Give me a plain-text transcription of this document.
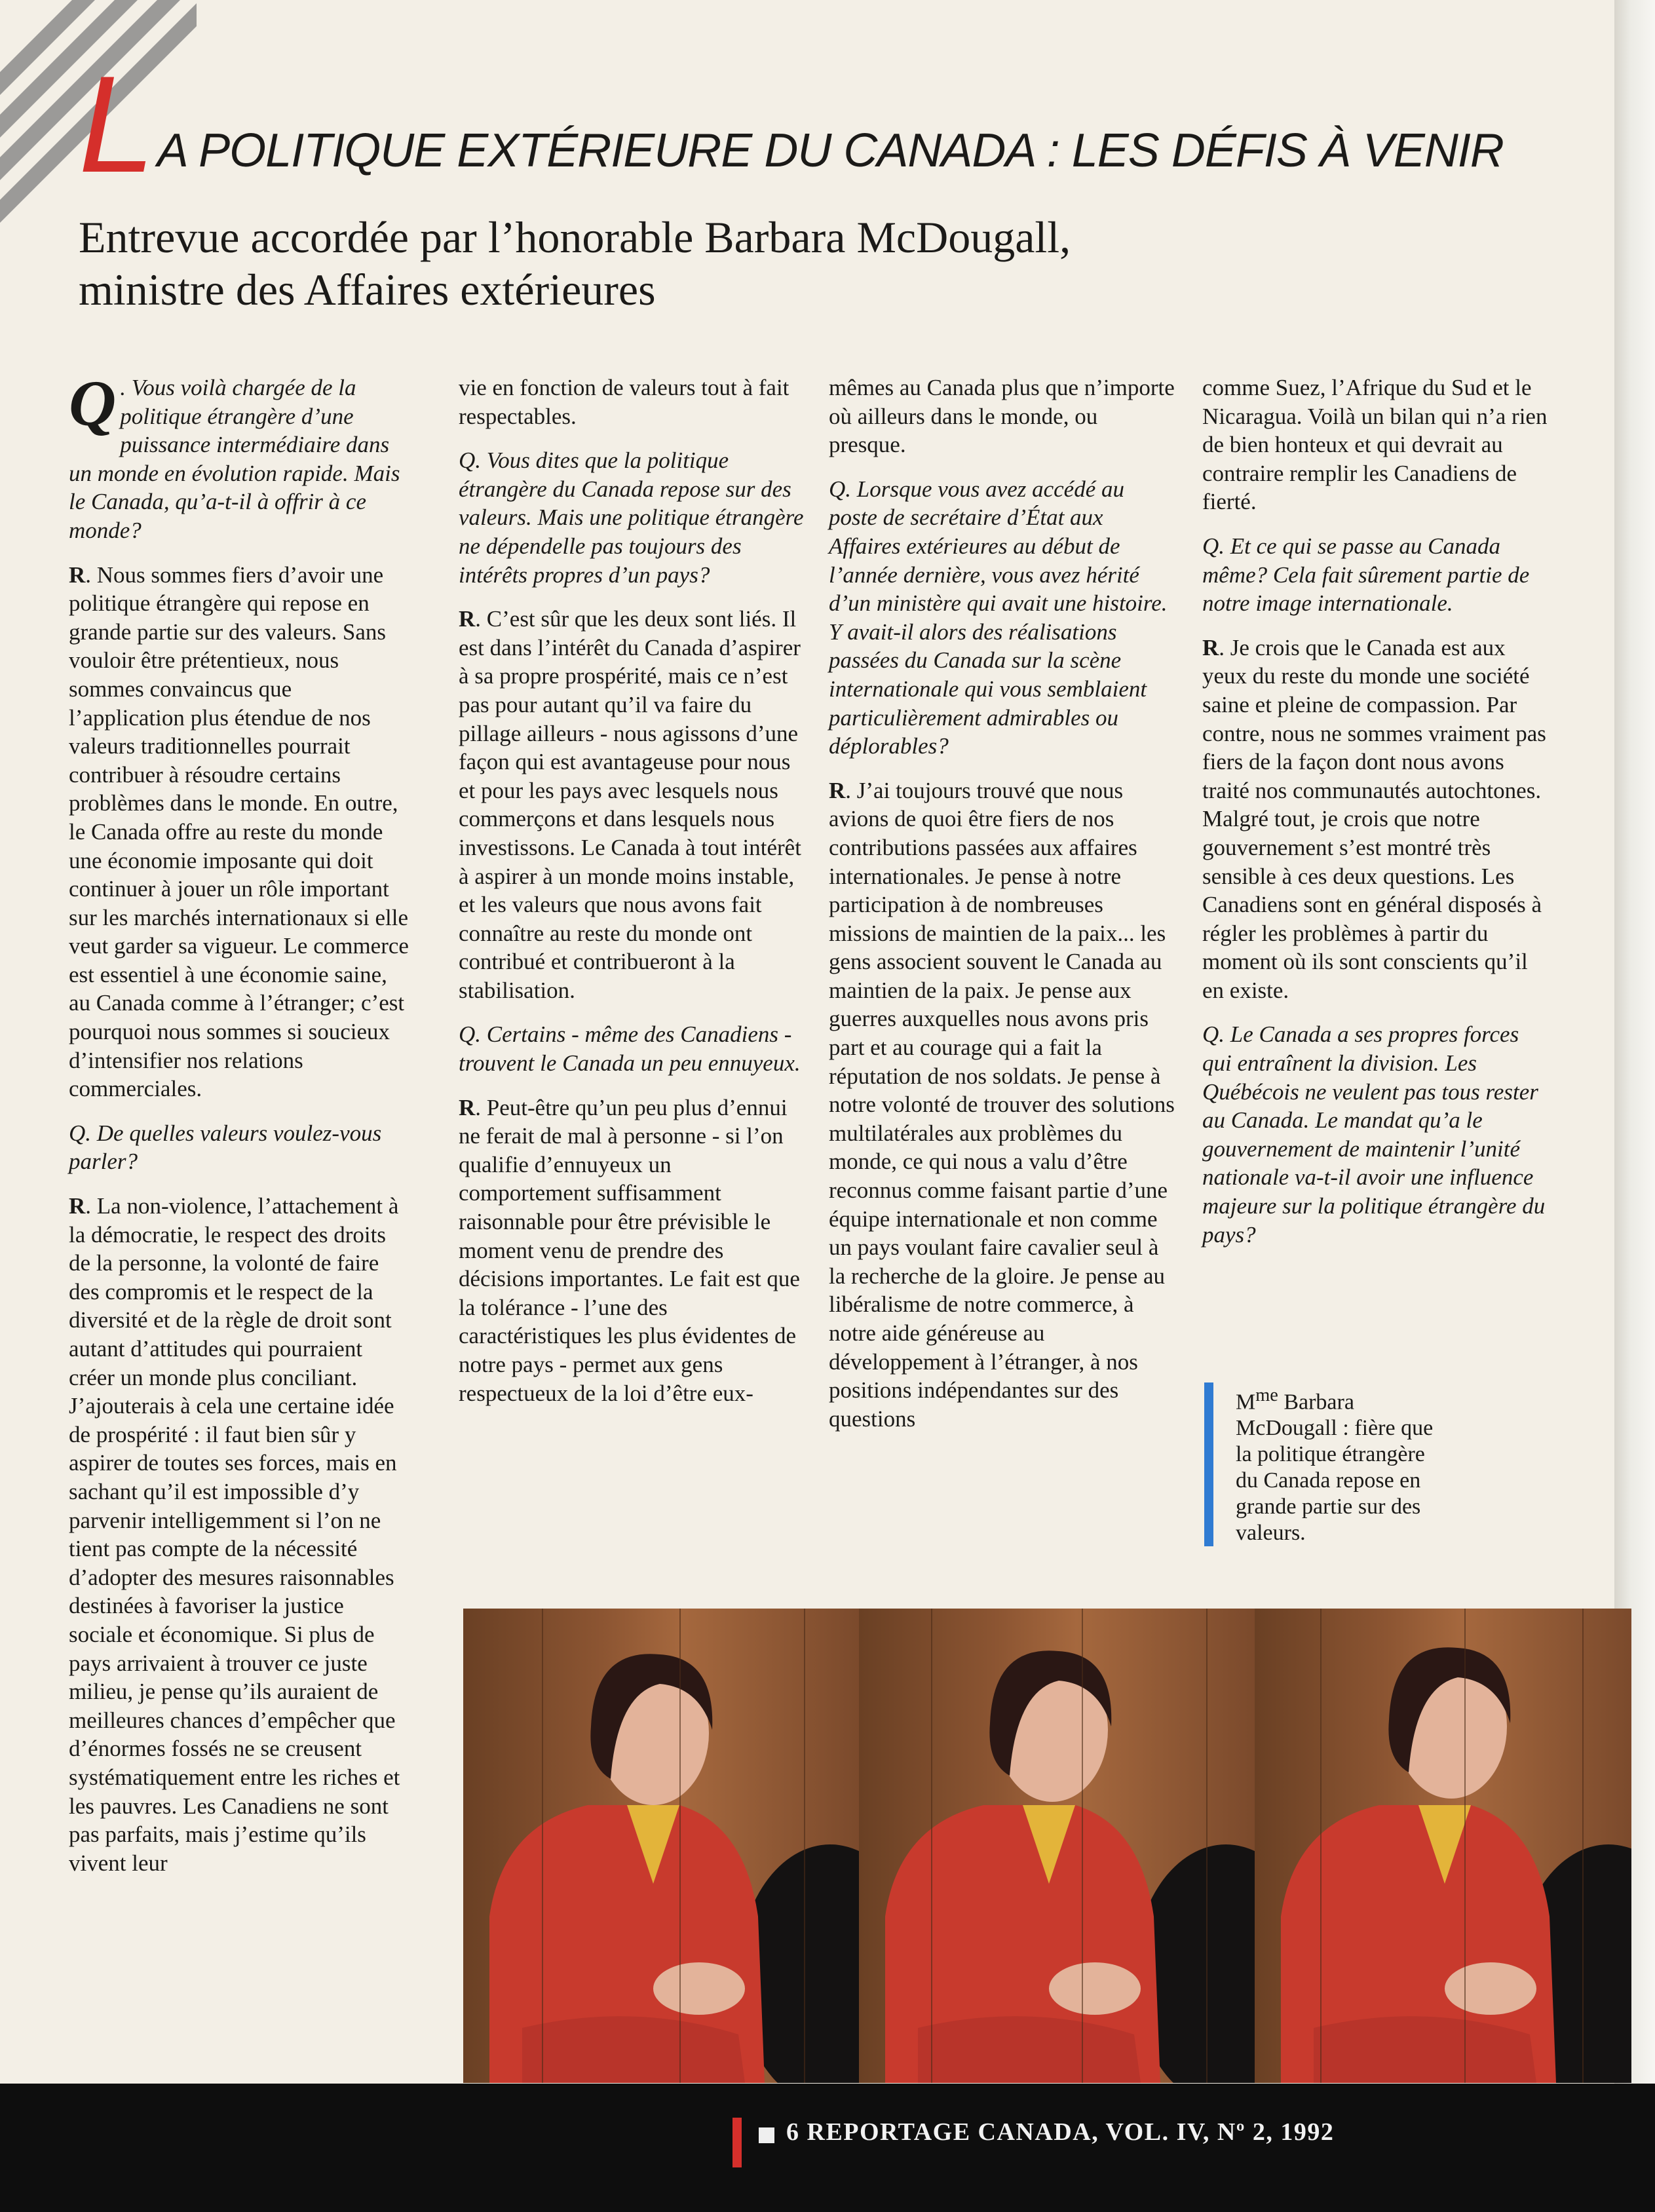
LA POLITIQUE EXTÉRIEURE DU CANADA : LES DÉFIS À VENIR
Entrevue accordée par l’honorable Barbara McDougall,
ministre des Affaires extérieures

Q . Vous voilà chargée de la politique étrangère d’une puissance intermédiaire dans un monde en évolution rapide. Mais le Canada, qu’a-t-il à offrir à ce monde?

R. Nous sommes fiers d’avoir une politique étrangère qui repose en grande partie sur des valeurs. Sans vouloir être prétentieux, nous sommes convaincus que l’application plus étendue de nos valeurs traditionnelles pourrait contribuer à résoudre certains problèmes dans le monde. En outre, le Canada offre au reste du monde une économie imposante qui doit continuer à jouer un rôle important sur les marchés internationaux si elle veut garder sa vigueur. Le commerce est essentiel à une économie saine, au Canada comme à l’étranger; c’est pourquoi nous sommes si soucieux d’intensifier nos relations commerciales.

Q. De quelles valeurs voulez-vous parler?

R. La non-violence, l’attachement à la démocratie, le respect des droits de la personne, la volonté de faire des compromis et le respect de la diversité et de la règle de droit sont autant d’attitudes qui pourraient créer un monde plus conciliant. J’ajouterais à cela une certaine idée de prospérité : il faut bien sûr y aspirer de toutes ses forces, mais en sachant qu’il est impossible d’y parvenir intelligemment si l’on ne tient pas compte de la nécessité d’adopter des mesures raisonnables destinées à favoriser la justice sociale et économique. Si plus de pays arrivaient à trouver ce juste milieu, je pense qu’ils auraient de meilleures chances d’empêcher que d’énormes fossés ne se creusent systématiquement entre les riches et les pauvres. Les Canadiens ne sont pas parfaits, mais j’estime qu’ils vivent leur

vie en fonction de valeurs tout à fait respectables.

Q. Vous dites que la politique étrangère du Canada repose sur des valeurs. Mais une politique étrangère ne dépendelle pas toujours des intérêts propres d’un pays?

R. C’est sûr que les deux sont liés. Il est dans l’intérêt du Canada d’aspirer à sa propre prospérité, mais ce n’est pas pour autant qu’il va faire du pillage ailleurs - nous agissons d’une façon qui est avantageuse pour nous et pour les pays avec lesquels nous commerçons et dans lesquels nous investissons. Le Canada à tout intérêt à aspirer à un monde moins instable, et les valeurs que nous avons fait connaître au reste du monde ont contribué et contribueront à la stabilisation.

Q. Certains - même des Canadiens - trouvent le Canada un peu ennuyeux.

R. Peut-être qu’un peu plus d’ennui ne ferait de mal à personne - si l’on qualifie d’ennuyeux un comportement suffisamment raisonnable pour être prévisible le moment venu de prendre des décisions importantes. Le fait est que la tolérance - l’une des caractéristiques les plus évidentes de notre pays - permet aux gens respectueux de la loi d’être eux-

mêmes au Canada plus que n’importe où ailleurs dans le monde, ou presque.

Q. Lorsque vous avez accédé au poste de secrétaire d’État aux Affaires extérieures au début de l’année dernière, vous avez hérité d’un ministère qui avait une histoire. Y avait-il alors des réalisations passées du Canada sur la scène internationale qui vous semblaient particulièrement admirables ou déplorables?

R. J’ai toujours trouvé que nous avions de quoi être fiers de nos contributions passées aux affaires internationales. Je pense à notre participation à de nombreuses missions de maintien de la paix... les gens associent souvent le Canada au maintien de la paix. Je pense aux guerres auxquelles nous avons pris part et au courage qui a fait la réputation de nos soldats. Je pense à notre volonté de trouver des solutions multilatérales aux problèmes du monde, ce qui nous a valu d’être reconnus comme faisant partie d’une équipe internationale et non comme un pays voulant faire cavalier seul à la recherche de la gloire. Je pense au libéralisme de notre commerce, à notre aide généreuse au développement à l’étranger, à nos positions indépendantes sur des questions

comme Suez, l’Afrique du Sud et le Nicaragua. Voilà un bilan qui n’a rien de bien honteux et qui devrait au contraire remplir les Canadiens de fierté.

Q. Et ce qui se passe au Canada même? Cela fait sûrement partie de notre image internationale.

R. Je crois que le Canada est aux yeux du reste du monde une société saine et pleine de compassion. Par contre, nous ne sommes vraiment pas fiers de la façon dont nous avons traité nos communautés autochtones. Malgré tout, je crois que notre gouvernement s’est montré très sensible à ces deux questions. Les Canadiens sont en général disposés à régler les problèmes à partir du moment où ils sont conscients qu’il en existe.

Q. Le Canada a ses propres forces qui entraînent la division. Les Québécois ne veulent pas tous rester au Canada. Le mandat qu’a le gouvernement de maintenir l’unité nationale va-t-il avoir une influence majeure sur la politique étrangère du pays?

$M^{me}$ Barbara McDougall : fière que la politique étrangère du Canada repose en grande partie sur des valeurs.
6 REPORTAGE CANADA, VOL. IV, Nº 2, 1992
